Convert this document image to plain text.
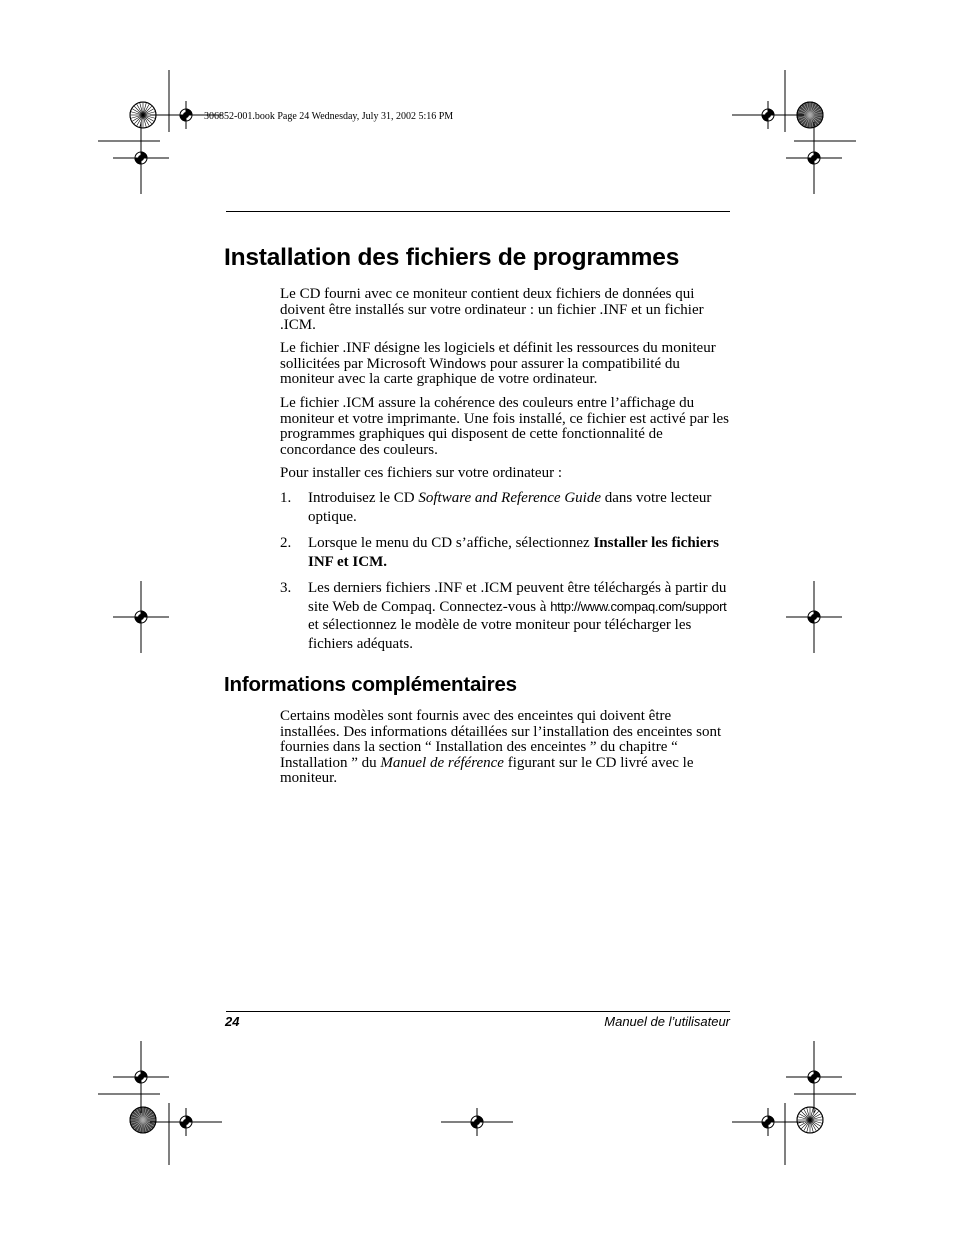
306852-001.book Page 24 Wednesday, July 31, 2002 5:16 PM
Installation des fichiers de programmes

Le CD fourni avec ce moniteur contient deux fichiers de données qui doivent être installés sur votre ordinateur : un fichier .INF et un fichier .ICM.

Le fichier .INF désigne les logiciels et définit les ressources du moniteur sollicitées par Microsoft Windows pour assurer la compatibilité du moniteur avec la carte graphique de votre ordinateur.

Le fichier .ICM assure la cohérence des couleurs entre l’affichage du moniteur et votre imprimante. Une fois installé, ce fichier est activé par les programmes graphiques qui disposent de cette fonctionnalité de concordance des couleurs.

Pour installer ces fichiers sur votre ordinateur :

1. Introduisez le CD Software and Reference Guide dans votre lecteur optique.
2. Lorsque le menu du CD s’affiche, sélectionnez Installer les fichiers INF et ICM.
3. Les derniers fichiers .INF et .ICM peuvent être téléchargés à partir du site Web de Compaq. Connectez-vous à http://www.compaq.com/support et sélectionnez le modèle de votre moniteur pour télécharger les fichiers adéquats.
Informations complémentaires

Certains modèles sont fournis avec des enceintes qui doivent être installées. Des informations détaillées sur l’installation des enceintes sont fournies dans la section “ Installation des enceintes ” du chapitre “ Installation ” du Manuel de référence figurant sur le CD livré avec le moniteur.

24	Manuel de l’utilisateur
